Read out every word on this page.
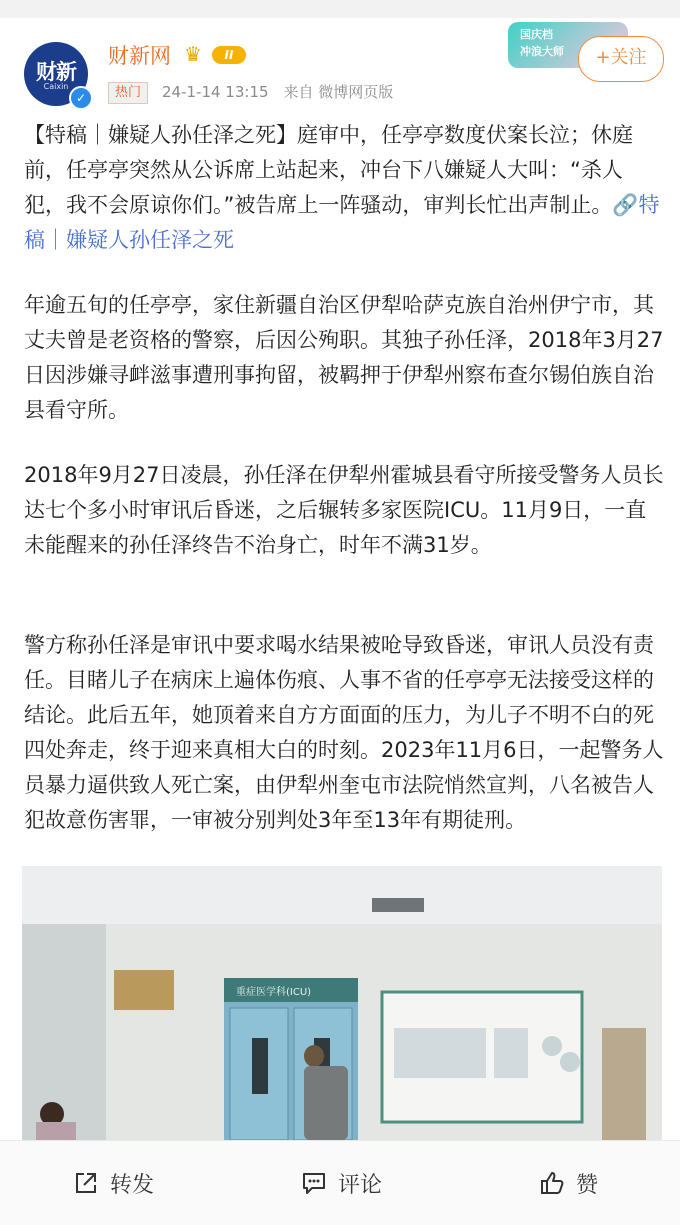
财新
Caixin
✓
财新网 ♛	II
热门	24-1-14 13:15　来自 微博网页版
国庆档
冲浪大师	+关注

【特稿｜嫌疑人孙任泽之死】庭审中，任亭亭数度伏案长泣；休庭前，任亭亭突然从公诉席上站起来，冲台下八嫌疑人大叫：“杀人犯，我不会原谅你们。”被告席上一阵骚动，审判长忙出声制止。🔗特稿｜嫌疑人孙任泽之死

年逾五旬的任亭亭，家住新疆自治区伊犁哈萨克族自治州伊宁市，其丈夫曾是老资格的警察，后因公殉职。其独子孙任泽，2018年3月27日因涉嫌寻衅滋事遭刑事拘留，被羁押于伊犁州察布查尔锡伯族自治县看守所。

2018年9月27日凌晨，孙任泽在伊犁州霍城县看守所接受警务人员长达七个多小时审讯后昏迷，之后辗转多家医院ICU。11月9日，一直未能醒来的孙任泽终告不治身亡，时年不满31岁。

警方称孙任泽是审讯中要求喝水结果被呛导致昏迷，审讯人员没有责任。目睹儿子在病床上遍体伤痕、人事不省的任亭亭无法接受这样的结论。此后五年，她顶着来自方方面面的压力，为儿子不明不白的死四处奔走，终于迎来真相大白的时刻。2023年11月6日，一起警务人员暴力逼供致人死亡案，由伊犁州奎屯市法院悄然宣判，八名被告人犯故意伤害罪，一审被分别判处3年至13年有期徒刑。

重症医学科(ICU)
转发	评论	赞
